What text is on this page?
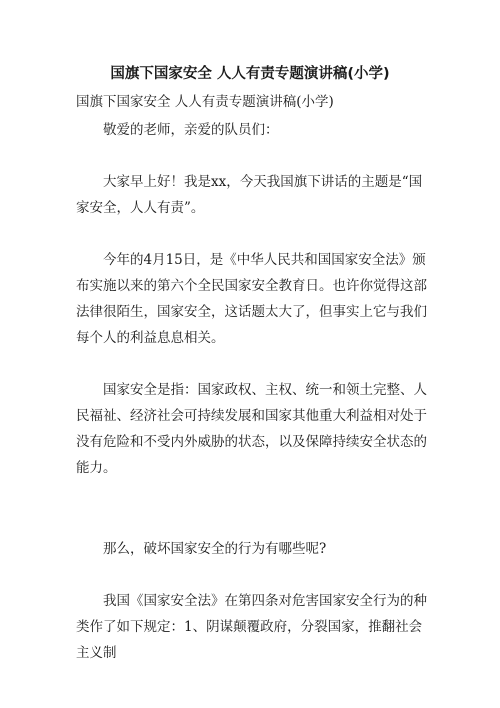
国旗下国家安全 人人有责专题演讲稿(小学)
国旗下国家安全 人人有责专题演讲稿(小学)

敬爱的老师，亲爱的队员们：

大家早上好！我是xx，今天我国旗下讲话的主题是“国家安全，人人有责”。

今年的4月15日，是《中华人民共和国国家安全法》颁布实施以来的第六个全民国家安全教育日。也许你觉得这部法律很陌生，国家安全，这话题太大了，但事实上它与我们每个人的利益息息相关。

国家安全是指：国家政权、主权、统一和领土完整、人民福祉、经济社会可持续发展和国家其他重大利益相对处于没有危险和不受内外威胁的状态，以及保障持续安全状态的能力。

那么，破坏国家安全的行为有哪些呢?

我国《国家安全法》在第四条对危害国家安全行为的种类作了如下规定：1、阴谋颠覆政府，分裂国家，推翻社会主义制
